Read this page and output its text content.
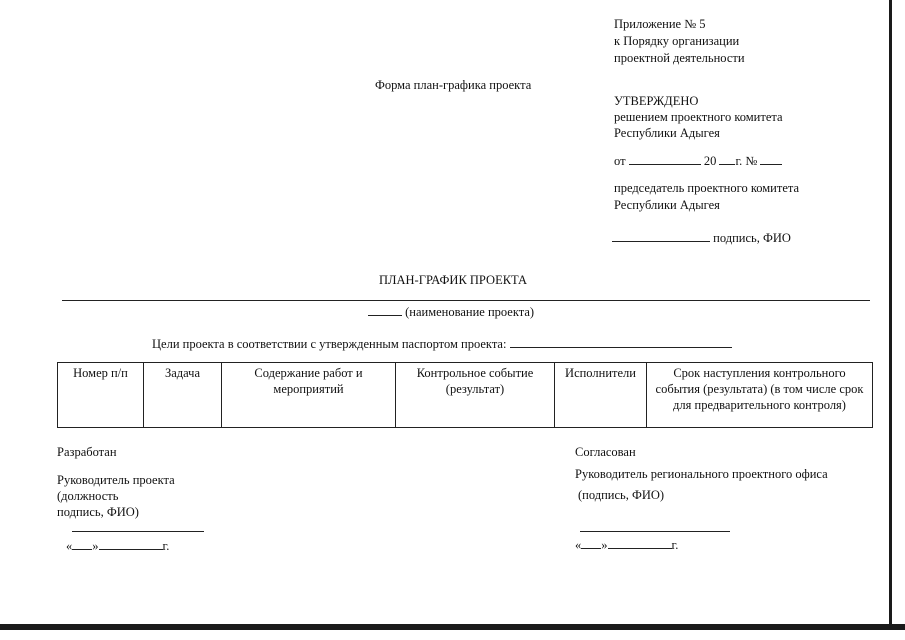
Приложение № 5
к Порядку организации
проектной деятельности
Форма план-графика проекта
УТВЕРЖДЕНО
решением проектного комитета
Республики Адыгея
от	20 г. №
председатель проектного комитета
Республики Адыгея
подпись, ФИО
ПЛАН-ГРАФИК ПРОЕКТА
(наименование проекта)
Цели проекта в соответствии с утвержденным паспортом проекта:
Номер п/п	Задача	Содержание работ и мероприятий	Контрольное событие (результат)	Исполнители	Срок наступления контрольного события (результата) (в том числе срок для предварительного контроля)
Разработан
Руководитель проекта
(должность
подпись, ФИО)
« »	г.
Согласован
Руководитель регионального проектного офиса
(подпись, ФИО)
« »	г.
